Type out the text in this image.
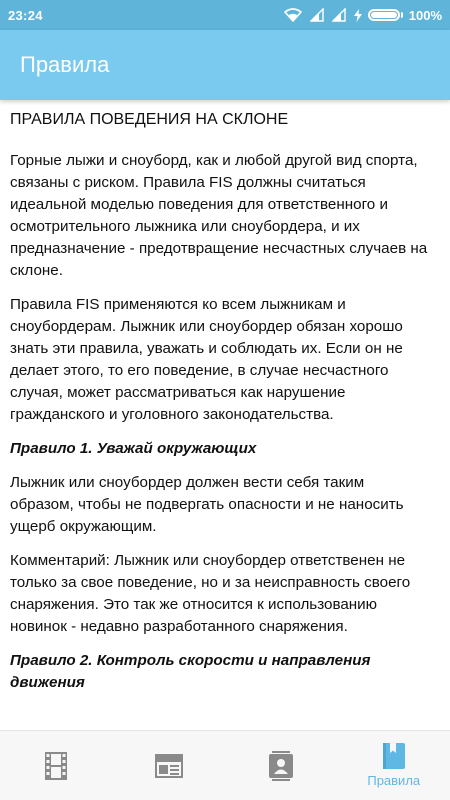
23:24	100%
Правила
ПРАВИЛА ПОВЕДЕНИЯ НА СКЛОНЕ

Горные лыжи и сноуборд, как и любой другой вид спорта, связаны с риском. Правила FIS должны считаться идеальной моделью поведения для ответственного и осмотрительного лыжника или сноубордера, и их предназначение - предотвращение несчастных случаев на склоне.

Правила FIS применяются ко всем лыжникам и сноубордерам. Лыжник или сноубордер обязан хорошо знать эти правила, уважать и соблюдать их. Если он не делает этого, то его поведение, в случае несчастного случая, может рассматриваться как нарушение гражданского и уголовного законодательства.

Правило 1. Уважай окружающих

Лыжник или сноубордер должен вести себя таким образом, чтобы не подвергать опасности и не наносить ущерб окружающим.

Комментарий: Лыжник или сноубордер ответственен не только за свое поведение, но и за неисправность своего снаряжения. Это так же относится к использованию новинок - недавно разработанного снаряжения.

Правило 2. Контроль скорости и направления движения

Правила
